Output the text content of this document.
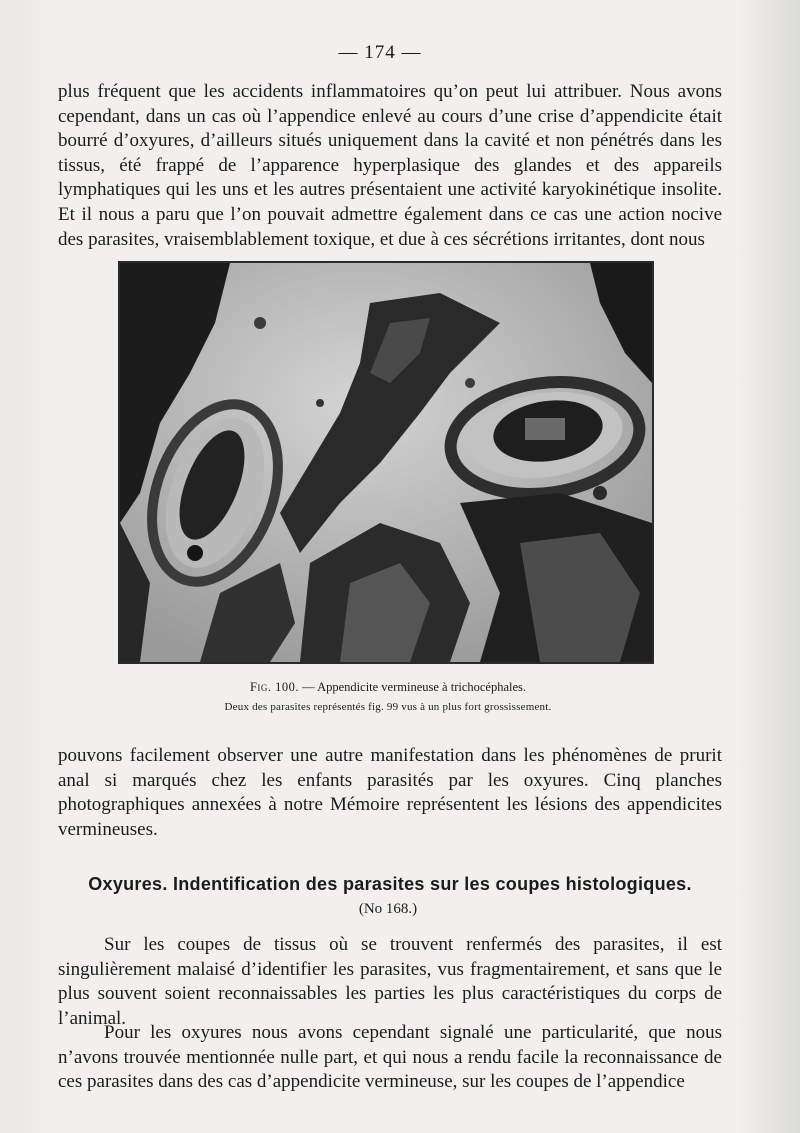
— 174 —

plus fréquent que les accidents inflammatoires qu’on peut lui attribuer. Nous avons cependant, dans un cas où l’appendice enlevé au cours d’une crise d’appendicite était bourré d’oxyures, d’ailleurs situés uniquement dans la cavité et non pénétrés dans les tissus, été frappé de l’apparence hyperplasique des glandes et des appareils lymphatiques qui les uns et les autres présentaient une activité karyokinétique insolite. Et il nous a paru que l’on pouvait admettre également dans ce cas une action nocive des parasites, vraisemblablement toxique, et due à ces sécrétions irritantes, dont nous

Fig. 100. — Appendicite vermineuse à trichocéphales.
Deux des parasites représentés fig. 99 vus à un plus fort grossissement.

pouvons facilement observer une autre manifestation dans les phénomènes de prurit anal si marqués chez les enfants parasités par les oxyures. Cinq planches photographiques annexées à notre Mémoire représentent les lésions des appendicites vermineuses.

Oxyures. Indentification des parasites sur les coupes histologiques.
(No 168.)

Sur les coupes de tissus où se trouvent renfermés des parasites, il est singulièrement malaisé d’identifier les parasites, vus fragmentairement, et sans que le plus souvent soient reconnaissables les parties les plus caractéristiques du corps de l’animal.

Pour les oxyures nous avons cependant signalé une particularité, que nous n’avons trouvée mentionnée nulle part, et qui nous a rendu facile la reconnaissance de ces parasites dans des cas d’appendicite vermineuse, sur les coupes de l’appendice
